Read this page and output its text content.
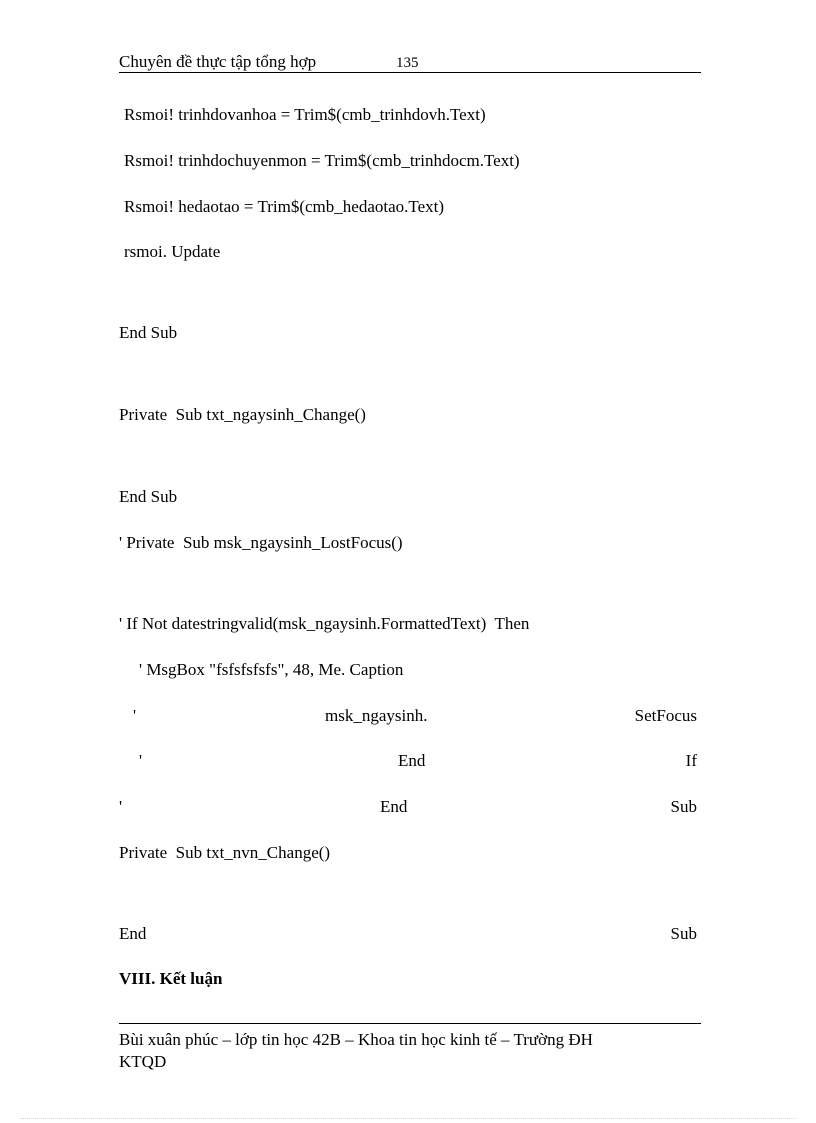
Chuyên đề thực tập tổng hợp	135
Rsmoi! trinhdovanhoa = Trim$(cmb_trinhdovh.Text)
Rsmoi! trinhdochuyenmon = Trim$(cmb_trinhdocm.Text)
Rsmoi! hedaotao = Trim$(cmb_hedaotao.Text)
rsmoi. Update
End Sub
Private  Sub txt_ngaysinh_Change()
End Sub
' Private  Sub msk_ngaysinh_LostFocus()
' If Not datestringvalid(msk_ngaysinh.FormattedText)  Then
' MsgBox "fsfsfsfsfs", 48, Me. Caption
'	msk_ngaysinh.	SetFocus
'	End	If
'	End	Sub
Private  Sub txt_nvn_Change()
End	Sub
VIII. Kết luận
Bùi xuân phúc – lớp tin học 42B – Khoa tin học kinh tế – Trường ĐH
KTQD
